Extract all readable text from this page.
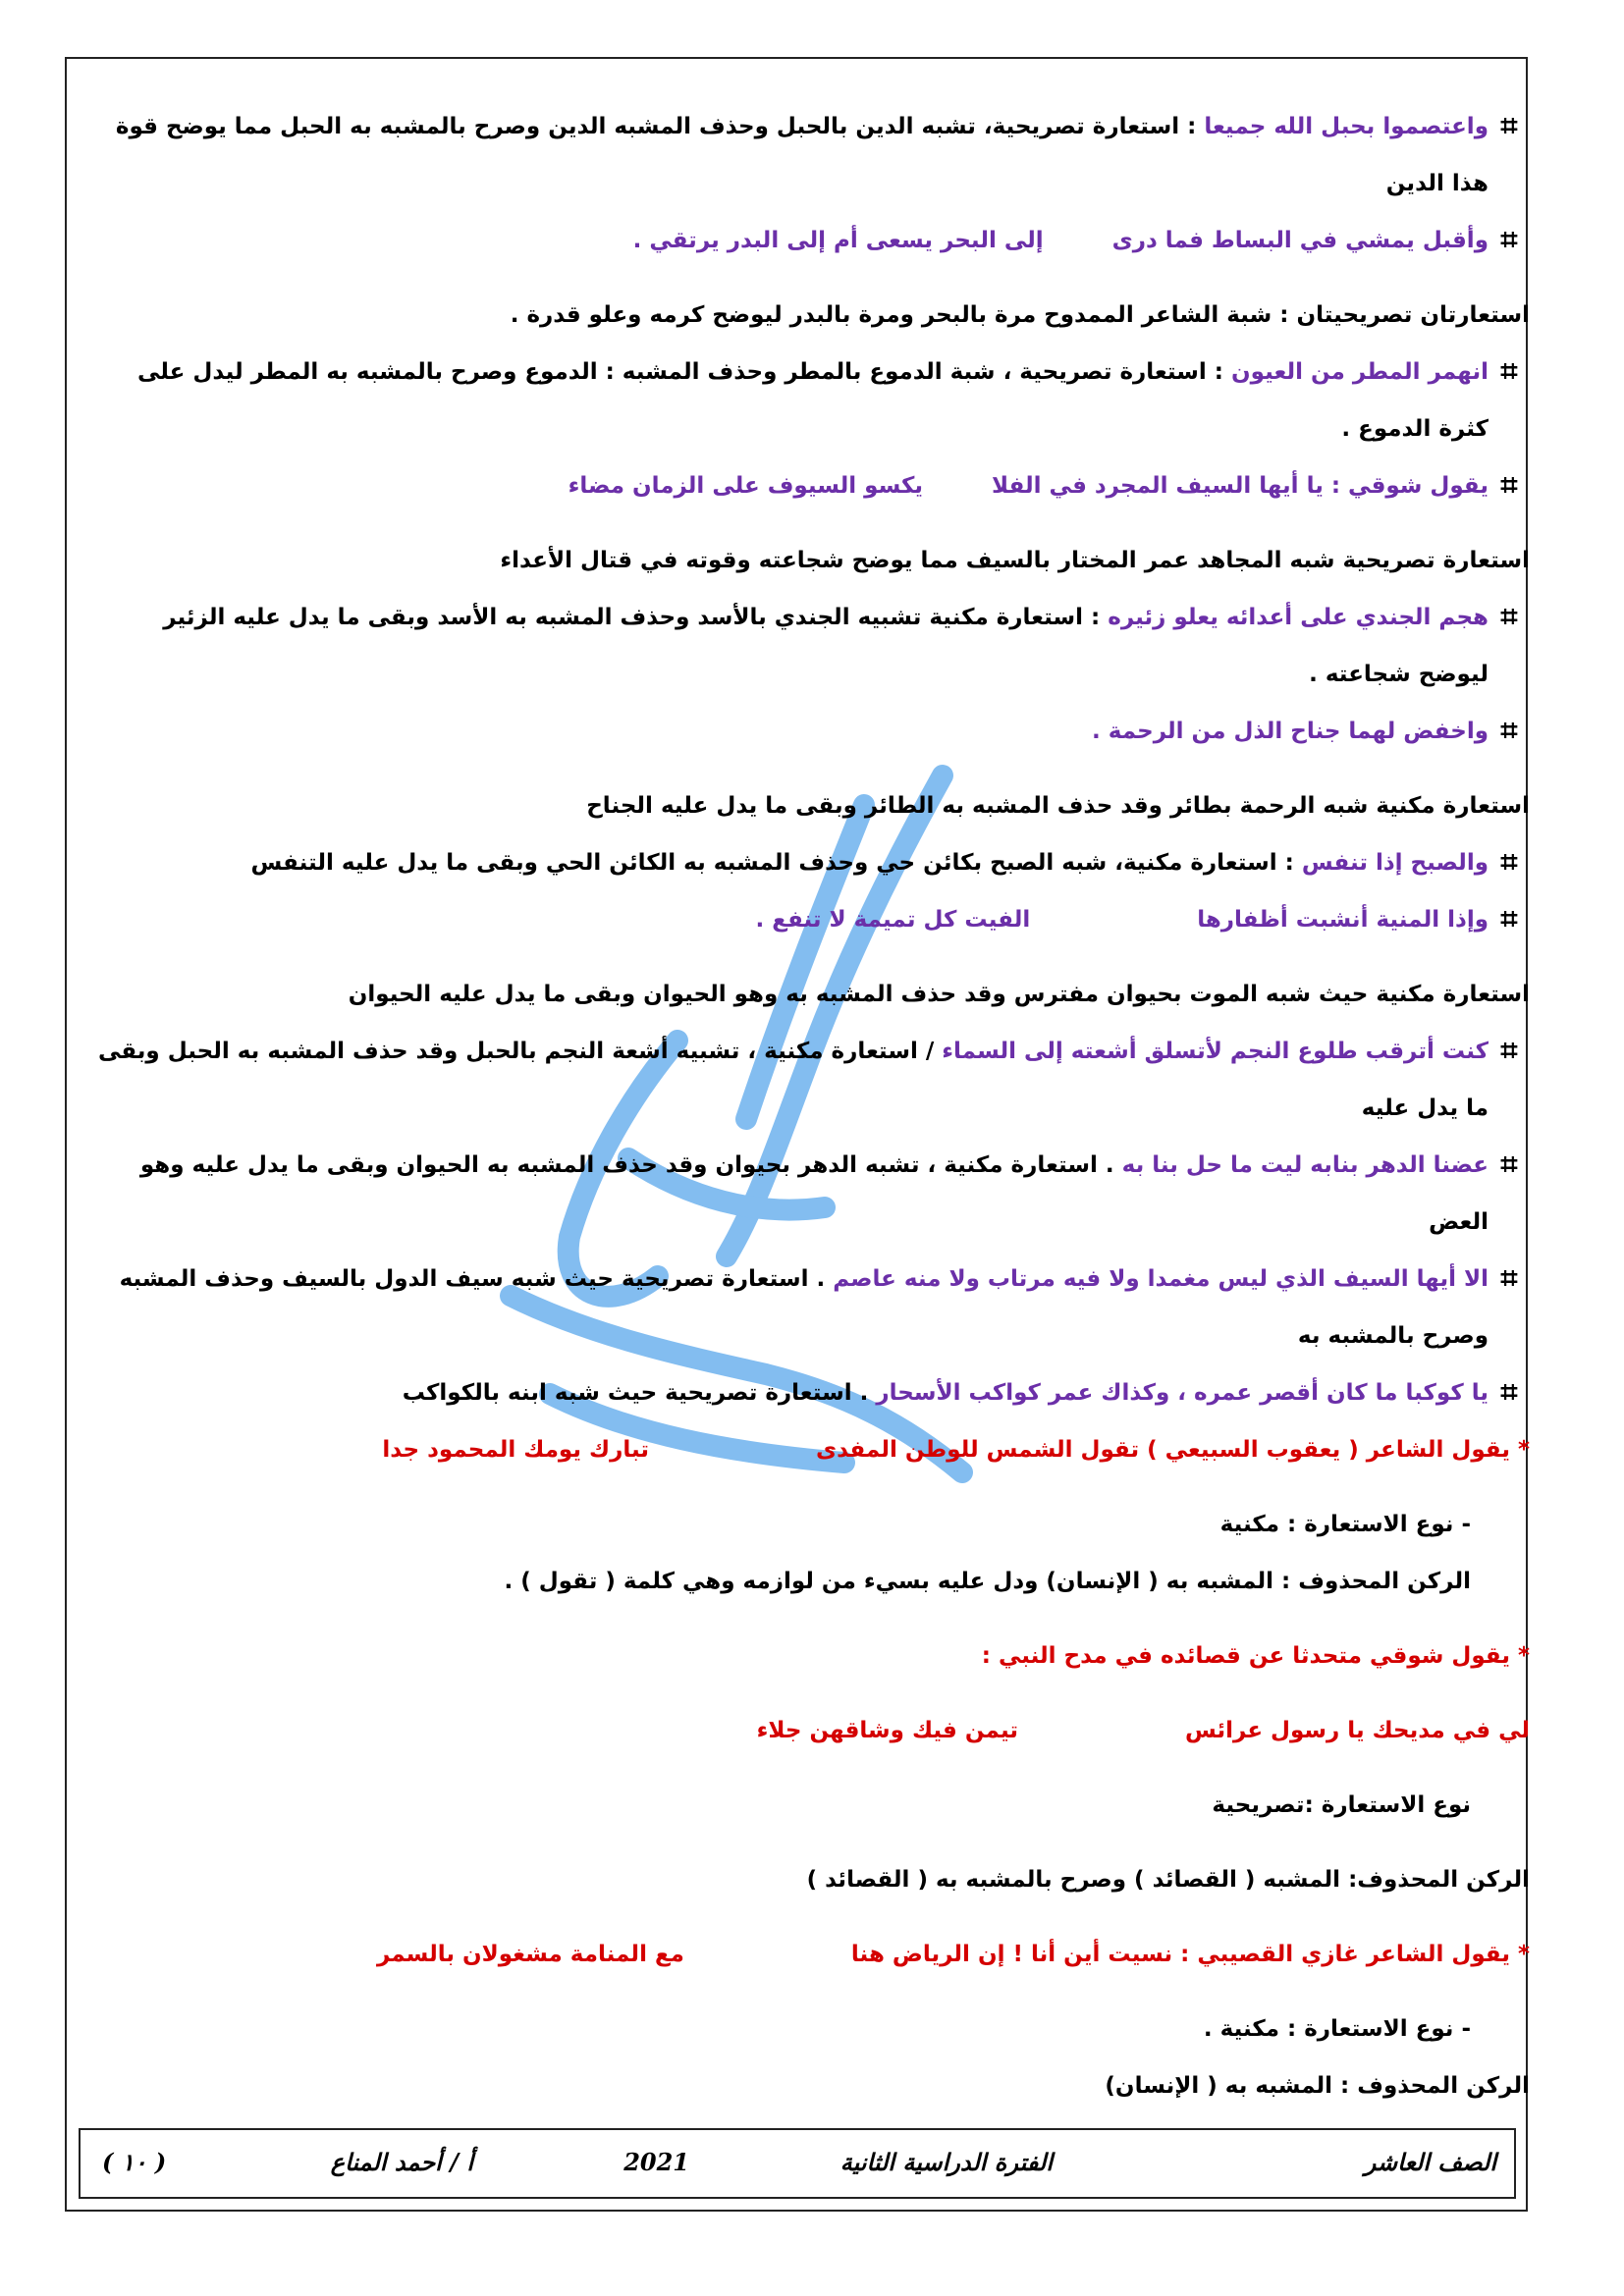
⌗
واعتصموا بحبل الله جميعا : استعارة تصريحية، تشبه الدين بالحبل وحذف المشبه الدين وصرح بالمشبه به الحبل مما يوضح قوة هذا الدين
⌗
وأقبل يمشي في البساط فما درىإلى البحر يسعى أم إلى البدر يرتقي .
استعارتان تصريحيتان : شبة الشاعر الممدوح مرة بالبحر ومرة بالبدر ليوضح كرمه وعلو قدرة .
⌗
انهمر المطر من العيون : استعارة تصريحية ، شبة الدموع بالمطر وحذف المشبه : الدموع وصرح بالمشبه به المطر ليدل على كثرة الدموع .
⌗
يقول شوقي : يا أيها السيف المجرد في الفلايكسو السيوف على الزمان مضاء
استعارة تصريحية شبه المجاهد عمر المختار بالسيف مما يوضح شجاعته وقوته في قتال الأعداء
⌗
هجم الجندي على أعدائه يعلو زئيره : استعارة مكنية تشبيه الجندي بالأسد وحذف المشبه به الأسد وبقى ما يدل عليه الزئير ليوضح شجاعته .
⌗
واخفض لهما جناح الذل من الرحمة .
استعارة مكنية شبه الرحمة بطائر وقد حذف المشبه به الطائر وبقى ما يدل عليه الجناح
⌗
والصبح إذا تنفس : استعارة مكنية، شبه الصبح بكائن حي وحذف المشبه به الكائن الحي وبقى ما يدل عليه التنفس
⌗
وإذا المنية أنشبت أظفارهاالفيت كل تميمة لا تنفع .
استعارة مكنية حيث شبه الموت بحيوان مفترس وقد حذف المشبه به وهو الحيوان وبقى ما يدل عليه الحيوان
⌗
كنت أترقب طلوع النجم لأتسلق أشعته إلى السماء / استعارة مكنية ، تشبيه أشعة النجم بالحبل وقد حذف المشبه به الحبل وبقى ما يدل عليه
⌗
عضنا الدهر بنابه ليت ما حل بنا به . استعارة مكنية ، تشبه الدهر بحيوان وقد حذف المشبه به الحيوان وبقى ما يدل عليه وهو العض
⌗
الا أيها السيف الذي ليس مغمدا ولا فيه مرتاب ولا منه عاصم . استعارة تصريحية حيث شبه سيف الدول بالسيف وحذف المشبه وصرح بالمشبه به
⌗
يا كوكبا ما كان أقصر عمره ، وكذاك عمر كواكب الأسحار . استعارة تصريحية حيث شبه ابنه بالكواكب
* يقول الشاعر ( يعقوب السبيعي ) تقول الشمس للوطن المفدىتبارك يومك المحمود جدا
- نوع الاستعارة : مكنية
الركن المحذوف : المشبه به ( الإنسان) ودل عليه بسيء من لوازمه وهي كلمة ( تقول ) .
* يقول شوقي متحدثا عن قصائده في مدح النبي :
لي في مديحك يا رسول عرائستيمن فيك وشاقهن جلاء
نوع الاستعارة :تصريحية
الركن المحذوف: المشبه ( القصائد ) وصرح بالمشبه به ( القصائد )
* يقول الشاعر غازي القصيبي : نسيت أين أنا ! إن الرياض هنامع المنامة مشغولان بالسمر
- نوع الاستعارة : مكنية .
الركن المحذوف : المشبه به ( الإنسان)
الصف العاشر
الفترة الدراسية الثانية
2021
أ / أحمد المناع
( ١٠ )
